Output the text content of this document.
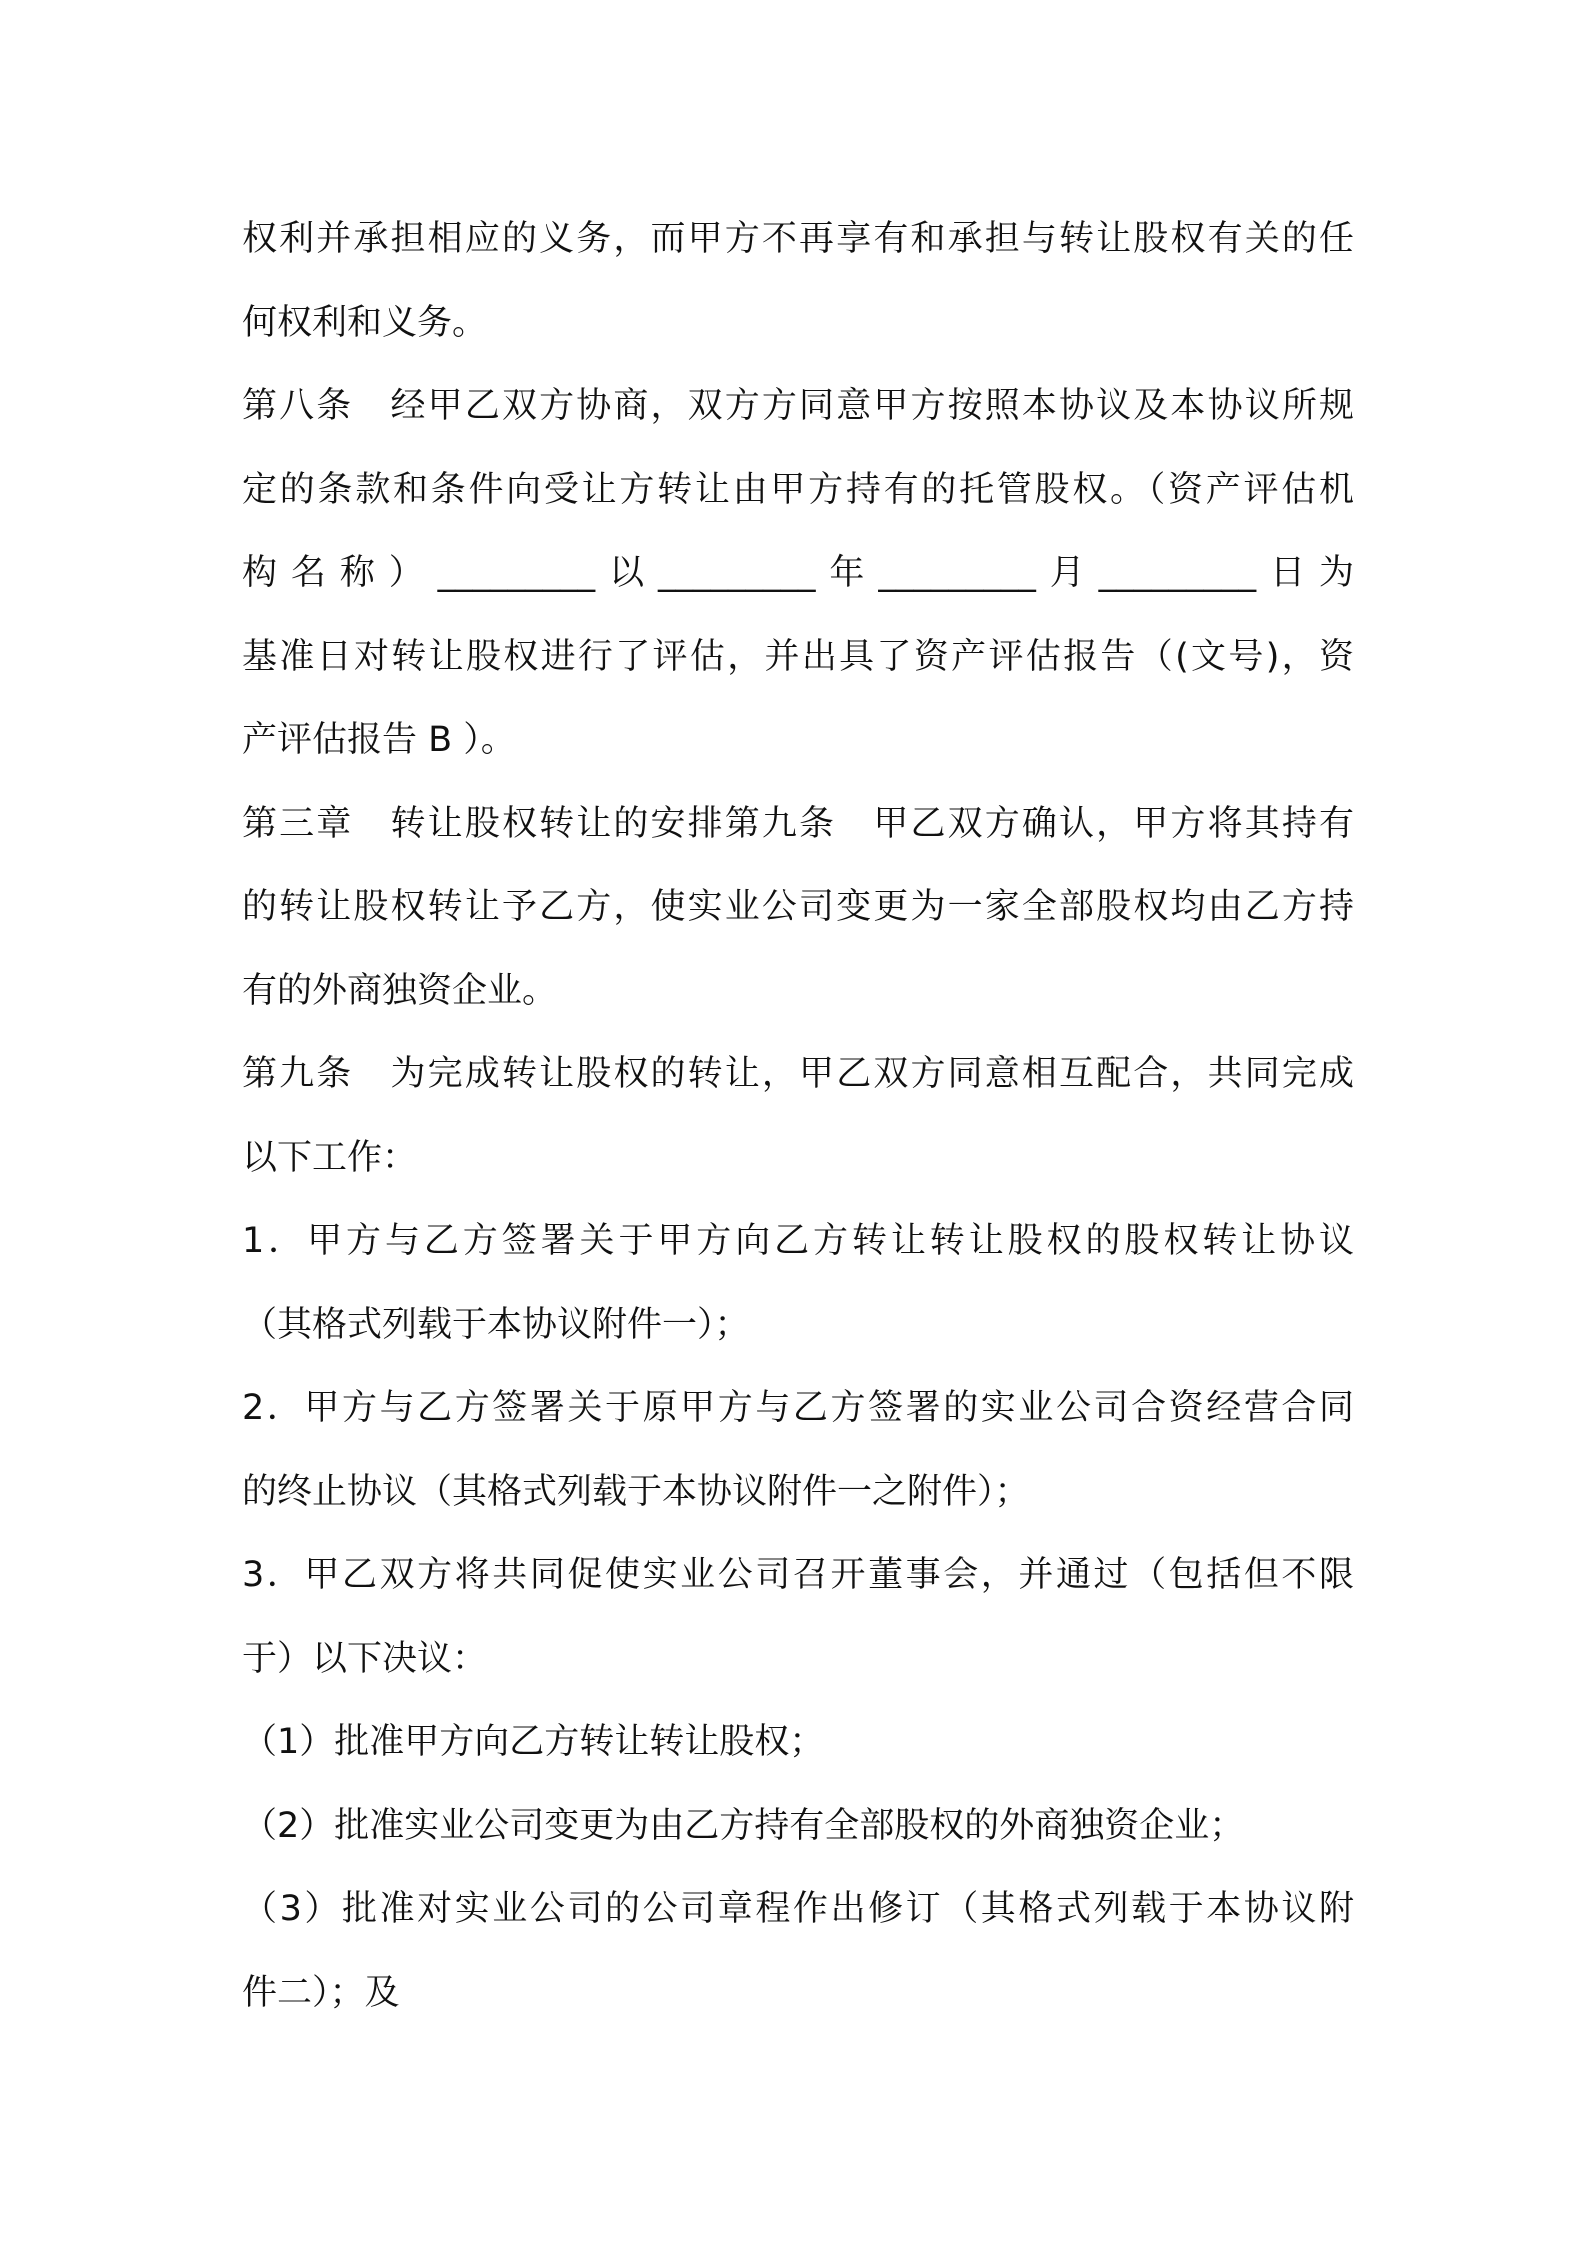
权利并承担相应的义务，而甲方不再享有和承担与转让股权有关的任
何权利和义务。
第八条　经甲乙双方协商，双方方同意甲方按照本协议及本协议所规
定的条款和条件向受让方转让由甲方持有的托管股权。（资产评估机
构名称）_________以_________年_________月_________日为
基准日对转让股权进行了评估，并出具了资产评估报告（(文号)，资
产评估报告 B ）。
第三章　转让股权转让的安排第九条　甲乙双方确认，甲方将其持有
的转让股权转让予乙方，使实业公司变更为一家全部股权均由乙方持
有的外商独资企业。
第九条　为完成转让股权的转让，甲乙双方同意相互配合，共同完成
以下工作：
1．甲方与乙方签署关于甲方向乙方转让转让股权的股权转让协议
（其格式列载于本协议附件一）；
2．甲方与乙方签署关于原甲方与乙方签署的实业公司合资经营合同
的终止协议（其格式列载于本协议附件一之附件）；
3．甲乙双方将共同促使实业公司召开董事会，并通过（包括但不限
于）以下决议：
（1）批准甲方向乙方转让转让股权；
（2）批准实业公司变更为由乙方持有全部股权的外商独资企业；
（3）批准对实业公司的公司章程作出修订（其格式列载于本协议附
件二）；及
